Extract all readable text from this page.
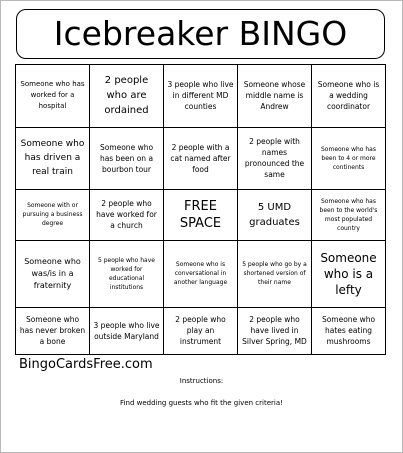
Icebreaker BINGO
Someone who has worked for a hospital	2 people who are ordained	3 people who live in different MD counties	Someone whose middle name is Andrew	Someone who is a wedding coordinator
Someone who has driven a real train	Someone who has been on a bourbon tour	2 people with a cat named after food	2 people with names pronounced the same	Someone who has been to 4 or more continents
Someone with or pursuing a business degree	2 people who have worked for a church	FREE SPACE	5 UMD graduates	Someone who has been to the world's most populated country
Someone who was/is in a fraternity	5 people who have worked for educational institutions	Someone who is conversational in another language	5 people who go by a shortened version of their name	Someone who is a lefty
Someone who has never broken a bone	3 people who live outside Maryland	2 people who play an instrument	2 people who have lived in Silver Spring, MD	Someone who hates eating mushrooms
BingoCardsFree.com
Instructions:
Find wedding guests who fit the given criteria!
